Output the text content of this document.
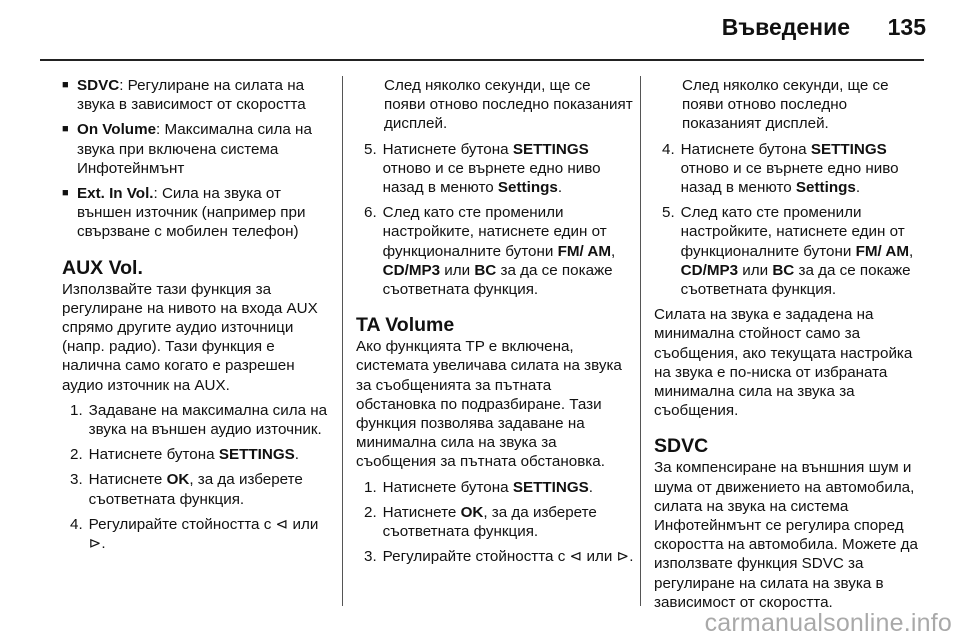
Въведение	135
■ SDVC: Регулиране на силата на звука в зависимост от скоростта
■ On Volume: Максимална сила на звука при включена система Инфотейнмънт
■ Ext. In Vol.: Сила на звука от външен източник (например при свързване с мобилен телефон)

AUX Vol.

Използвайте тази функция за регулиране на нивото на входа AUX спрямо другите аудио източници (напр. радио). Тази функция е налична само когато е разрешен аудио източник на AUX.

1. Задаване на максимална сила на звука на външен аудио източник.
2. Натиснете бутона SETTINGS.
3. Натиснете OK, за да изберете съответната функция.
4. Регулирайте стойността с ⊲ или ⊳.
След няколко секунди, ще се появи отново последно показаният дисплей.
5. Натиснете бутона SETTINGS отново и се върнете едно ниво назад в менюто Settings.
6. След като сте променили настройките, натиснете един от функционалните бутони FM/ AM, CD/MP3 или BC за да се покаже съответната функция.

TA Volume

Ако функцията TP е включена, системата увеличава силата на звука за съобщенията за пътната обстановка по подразбиране. Тази функция позволява задаване на минимална сила на звука за съобщения за пътната обстановка.

1. Натиснете бутона SETTINGS.
2. Натиснете OK, за да изберете съответната функция.
3. Регулирайте стойността с ⊲ или ⊳.
След няколко секунди, ще се появи отново последно показаният дисплей.
4. Натиснете бутона SETTINGS отново и се върнете едно ниво назад в менюто Settings.
5. След като сте променили настройките, натиснете един от функционалните бутони FM/ AM, CD/MP3 или BC за да се покаже съответната функция.

Силата на звука е зададена на минимална стойност само за съобщения, ако текущата настройка на звука е по-ниска от избраната минимална сила на звука за съобщения.

SDVC

За компенсиране на външния шум и шума от движението на автомобила, силата на звука на система Инфотейнмънт се регулира според скоростта на автомобила. Можете да използвате функция SDVC за регулиране на силата на звука в зависимост от скоростта.

carmanualsonline.info
